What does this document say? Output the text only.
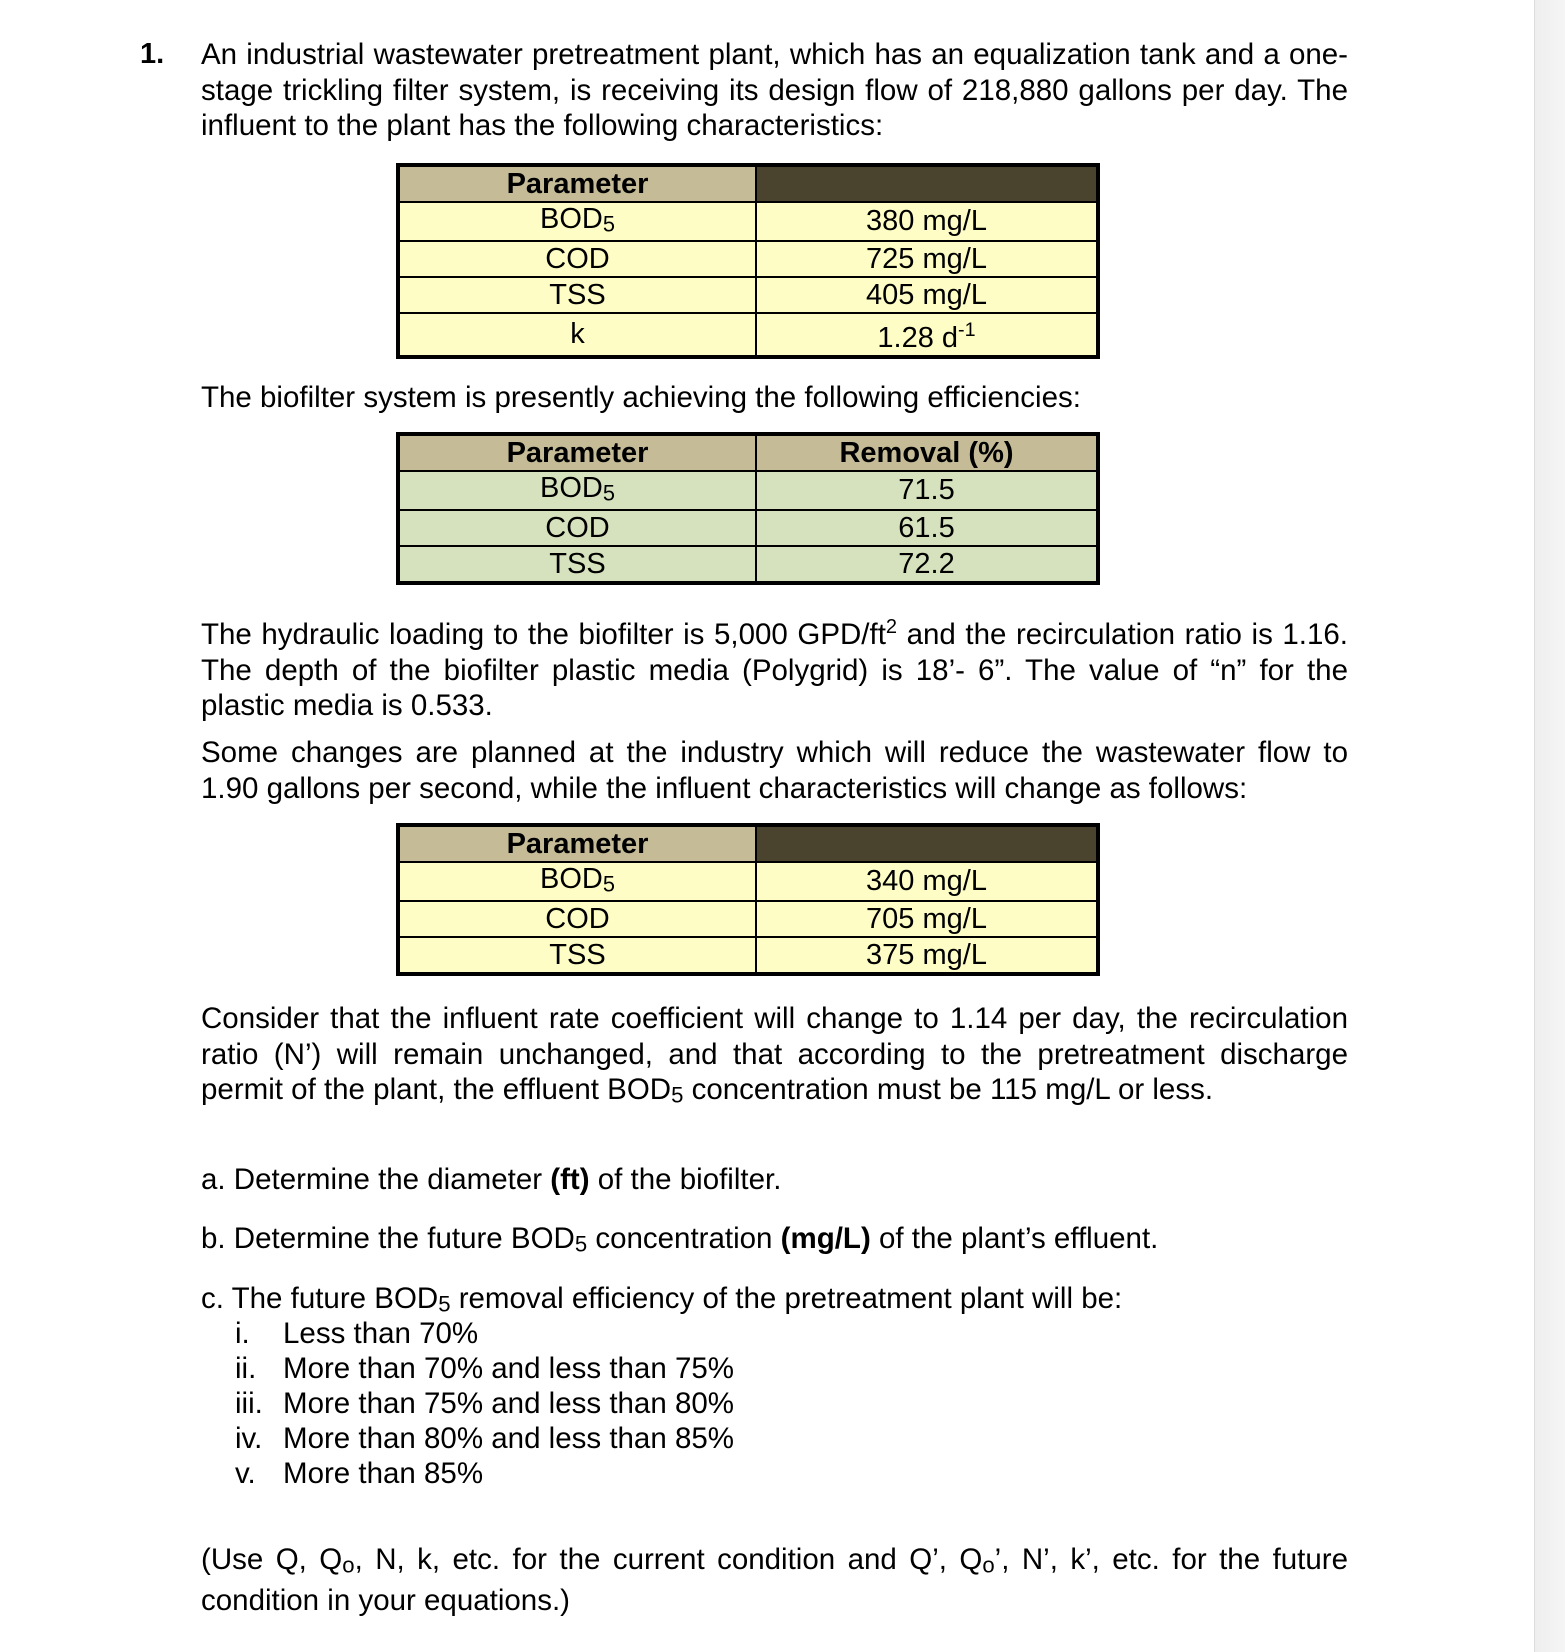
1. An industrial wastewater pretreatment plant, which has an equalization tank and a one-stage trickling filter system, is receiving its design flow of 218,880 gallons per day. The influent to the plant has the following characteristics:
Parameter	
BOD5	380 mg/L
COD	725 mg/L
TSS	405 mg/L
k	1.28 $d^{-1}$
The biofilter system is presently achieving the following efficiencies:
Parameter	Removal (%)
BOD5	71.5
COD	61.5
TSS	72.2
The hydraulic loading to the biofilter is 5,000 GPD/$ft^2$ and the recirculation ratio is 1.16. The depth of the biofilter plastic media (Polygrid) is 18’- 6”. The value of “n” for the plastic media is 0.533.
Some changes are planned at the industry which will reduce the wastewater flow to 1.90 gallons per second, while the influent characteristics will change as follows:
Parameter	
BOD5	340 mg/L
COD	705 mg/L
TSS	375 mg/L
Consider that the influent rate coefficient will change to 1.14 per day, the recirculation ratio (N’) will remain unchanged, and that according to the pretreatment discharge permit of the plant, the effluent BOD5 concentration must be 115 mg/L or less.
a. Determine the diameter (ft) of the biofilter.
b. Determine the future BOD5 concentration (mg/L) of the plant’s effluent.
c. The future BOD5 removal efficiency of the pretreatment plant will be:
i.	Less than 70%
ii. More than 70% and less than 75%
iii. More than 75% and less than 80%
iv. More than 80% and less than 85%
v. More than 85%
(Use Q, Qo, N, k, etc. for the current condition and Q’, Qo’, N’, k’, etc. for the future condition in your equations.)
